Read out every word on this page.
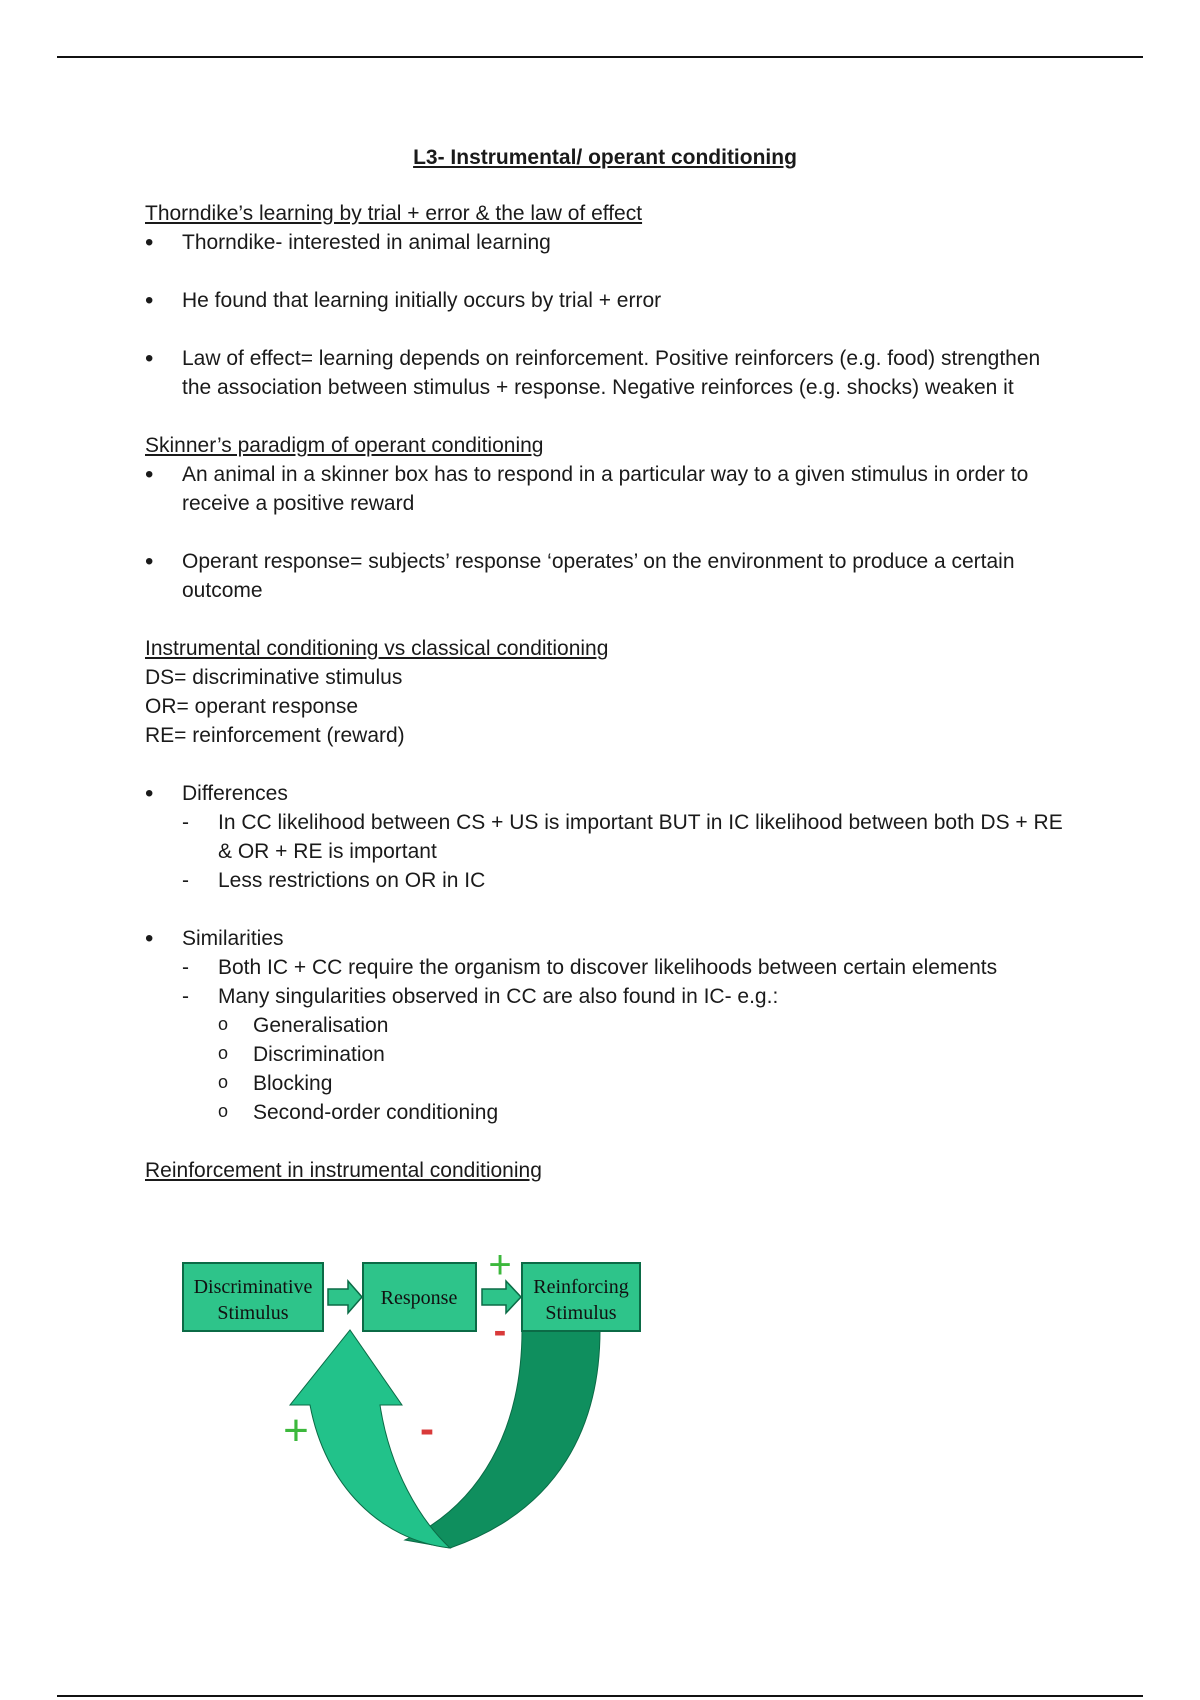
L3- Instrumental/ operant conditioning

Thorndike’s learning by trial + error & the law of effect

• Thorndike- interested in animal learning
• He found that learning initially occurs by trial + error
• Law of effect= learning depends on reinforcement. Positive reinforcers (e.g. food) strengthen the association between stimulus + response. Negative reinforces (e.g. shocks) weaken it

Skinner’s paradigm of operant conditioning

• An animal in a skinner box has to respond in a particular way to a given stimulus in order to receive a positive reward
• Operant response= subjects’ response ‘operates’ on the environment to produce a certain outcome

Instrumental conditioning vs classical conditioning

DS= discriminative stimulus

OR= operant response

RE= reinforcement (reward)

• Differences
- In CC likelihood between CS + US is important BUT in IC likelihood between both DS + RE & OR + RE is important
- Less restrictions on OR in IC
• Similarities
- Both IC + CC require the organism to discover likelihoods between certain elements
- Many singularities observed in CC are also found in IC- e.g.:
o Generalisation
o Discrimination
o Blocking
o Second-order conditioning

Reinforcement in instrumental conditioning

Discriminative
Stimulus
Response	Reinforcing
Stimulus
+
-
+	-
